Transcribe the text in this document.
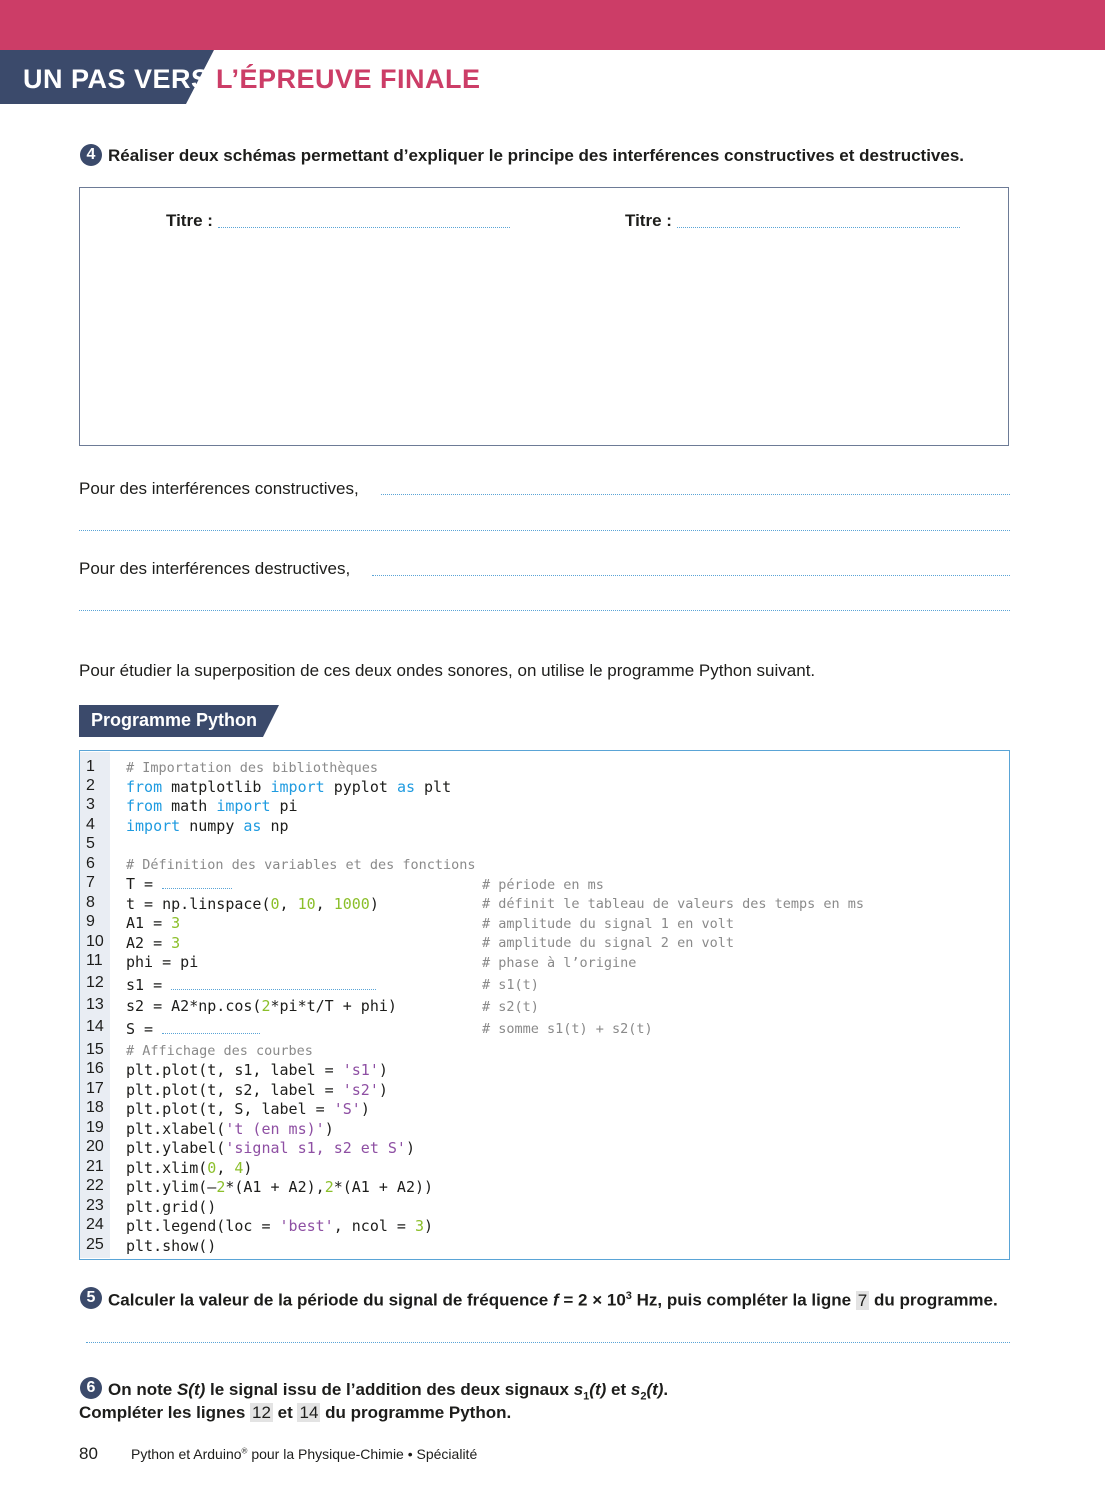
UN PAS VERS L’ÉPREUVE FINALE
4 Réaliser deux schémas permettant d’expliquer le principe des interférences constructives et destructives.
Titre :	Titre :
Pour des interférences constructives,
Pour des interférences destructives,
Pour étudier la superposition de ces deux ondes sonores, on utilise le programme Python suivant.
Programme Python
1
2
3
4
5
6
7
8
9
10
11
12
13
14
15
16
17
18
19
20
21
22
23
24
25
# Importation des bibliothèques
from matplotlib import pyplot as plt
from math import pi
import numpy as np
# Définition des variables et des fonctions
T =
t = np.linspace(0, 10, 1000)
A1 = 3
A2 = 3
phi = pi
s1 =
s2 = A2*np.cos(2*pi*t/T + phi)
S =
# Affichage des courbes
plt.plot(t, s1, label = 's1')
plt.plot(t, s2, label = 's2')
plt.plot(t, S, label = 'S')
plt.xlabel('t (en ms)')
plt.ylabel('signal s1, s2 et S')
plt.xlim(0, 4)
plt.ylim(–2*(A1 + A2),2*(A1 + A2))
plt.grid()
plt.legend(loc = 'best', ncol = 3)
plt.show()
# période en ms
# définit le tableau de valeurs des temps en ms
# amplitude du signal 1 en volt
# amplitude du signal 2 en volt
# phase à l’origine
# s1(t)
# s2(t)
# somme s1(t) + s2(t)
5 Calculer la valeur de la période du signal de fréquence $f = 2 \times 10^3$ Hz, puis compléter la ligne 7 du programme.
6 On note S(t) le signal issu de l’addition des deux signaux $s_1(t)$ et $s_2(t)$.
Compléter les lignes 12 et 14 du programme Python.
80 Python et Arduino® pour la Physique-Chimie • Spécialité
